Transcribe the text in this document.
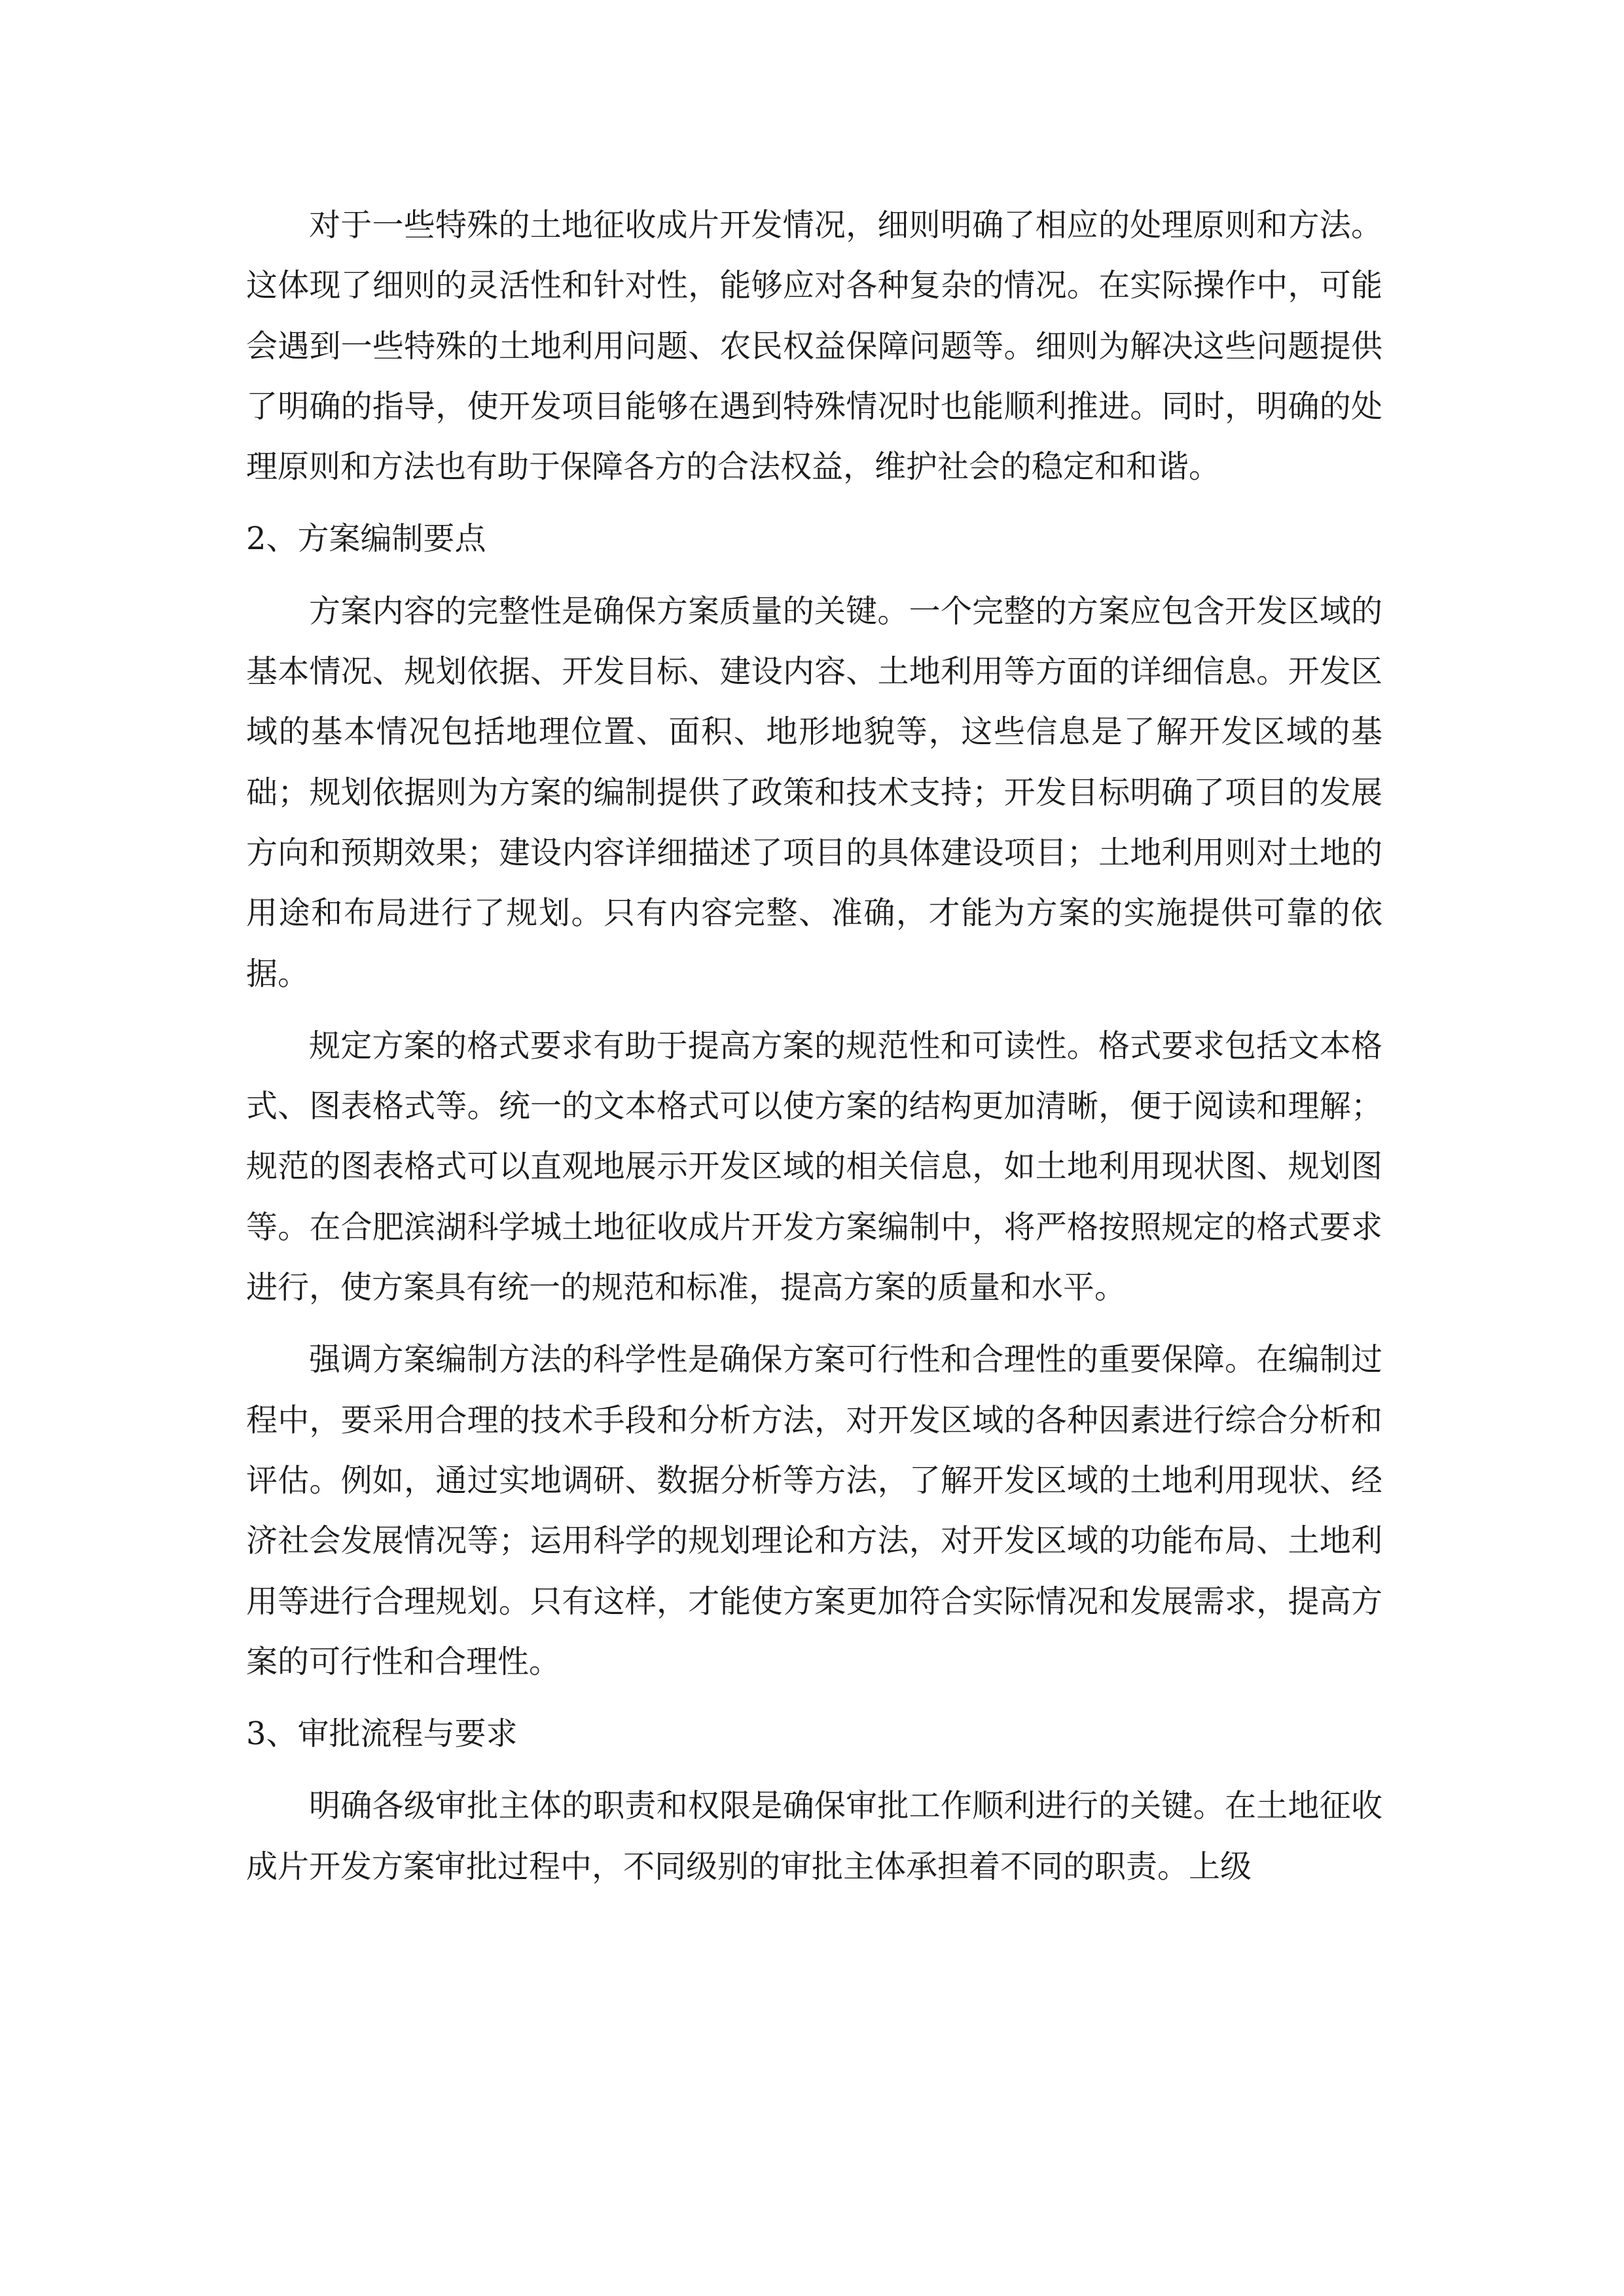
对于一些特殊的土地征收成片开发情况，细则明确了相应的处理原则和方法。这体现了细则的灵活性和针对性，能够应对各种复杂的情况。在实际操作中，可能会遇到一些特殊的土地利用问题、农民权益保障问题等。细则为解决这些问题提供了明确的指导，使开发项目能够在遇到特殊情况时也能顺利推进。同时，明确的处理原则和方法也有助于保障各方的合法权益，维护社会的稳定和和谐。

2、方案编制要点

方案内容的完整性是确保方案质量的关键。一个完整的方案应包含开发区域的基本情况、规划依据、开发目标、建设内容、土地利用等方面的详细信息。开发区域的基本情况包括地理位置、面积、地形地貌等，这些信息是了解开发区域的基础；规划依据则为方案的编制提供了政策和技术支持；开发目标明确了项目的发展方向和预期效果；建设内容详细描述了项目的具体建设项目；土地利用则对土地的用途和布局进行了规划。只有内容完整、准确，才能为方案的实施提供可靠的依据。

规定方案的格式要求有助于提高方案的规范性和可读性。格式要求包括文本格式、图表格式等。统一的文本格式可以使方案的结构更加清晰，便于阅读和理解；规范的图表格式可以直观地展示开发区域的相关信息，如土地利用现状图、规划图等。在合肥滨湖科学城土地征收成片开发方案编制中，将严格按照规定的格式要求进行，使方案具有统一的规范和标准，提高方案的质量和水平。

强调方案编制方法的科学性是确保方案可行性和合理性的重要保障。在编制过程中，要采用合理的技术手段和分析方法，对开发区域的各种因素进行综合分析和评估。例如，通过实地调研、数据分析等方法，了解开发区域的土地利用现状、经济社会发展情况等；运用科学的规划理论和方法，对开发区域的功能布局、土地利用等进行合理规划。只有这样，才能使方案更加符合实际情况和发展需求，提高方案的可行性和合理性。

3、审批流程与要求

明确各级审批主体的职责和权限是确保审批工作顺利进行的关键。在土地征收成片开发方案审批过程中，不同级别的审批主体承担着不同的职责。上级
